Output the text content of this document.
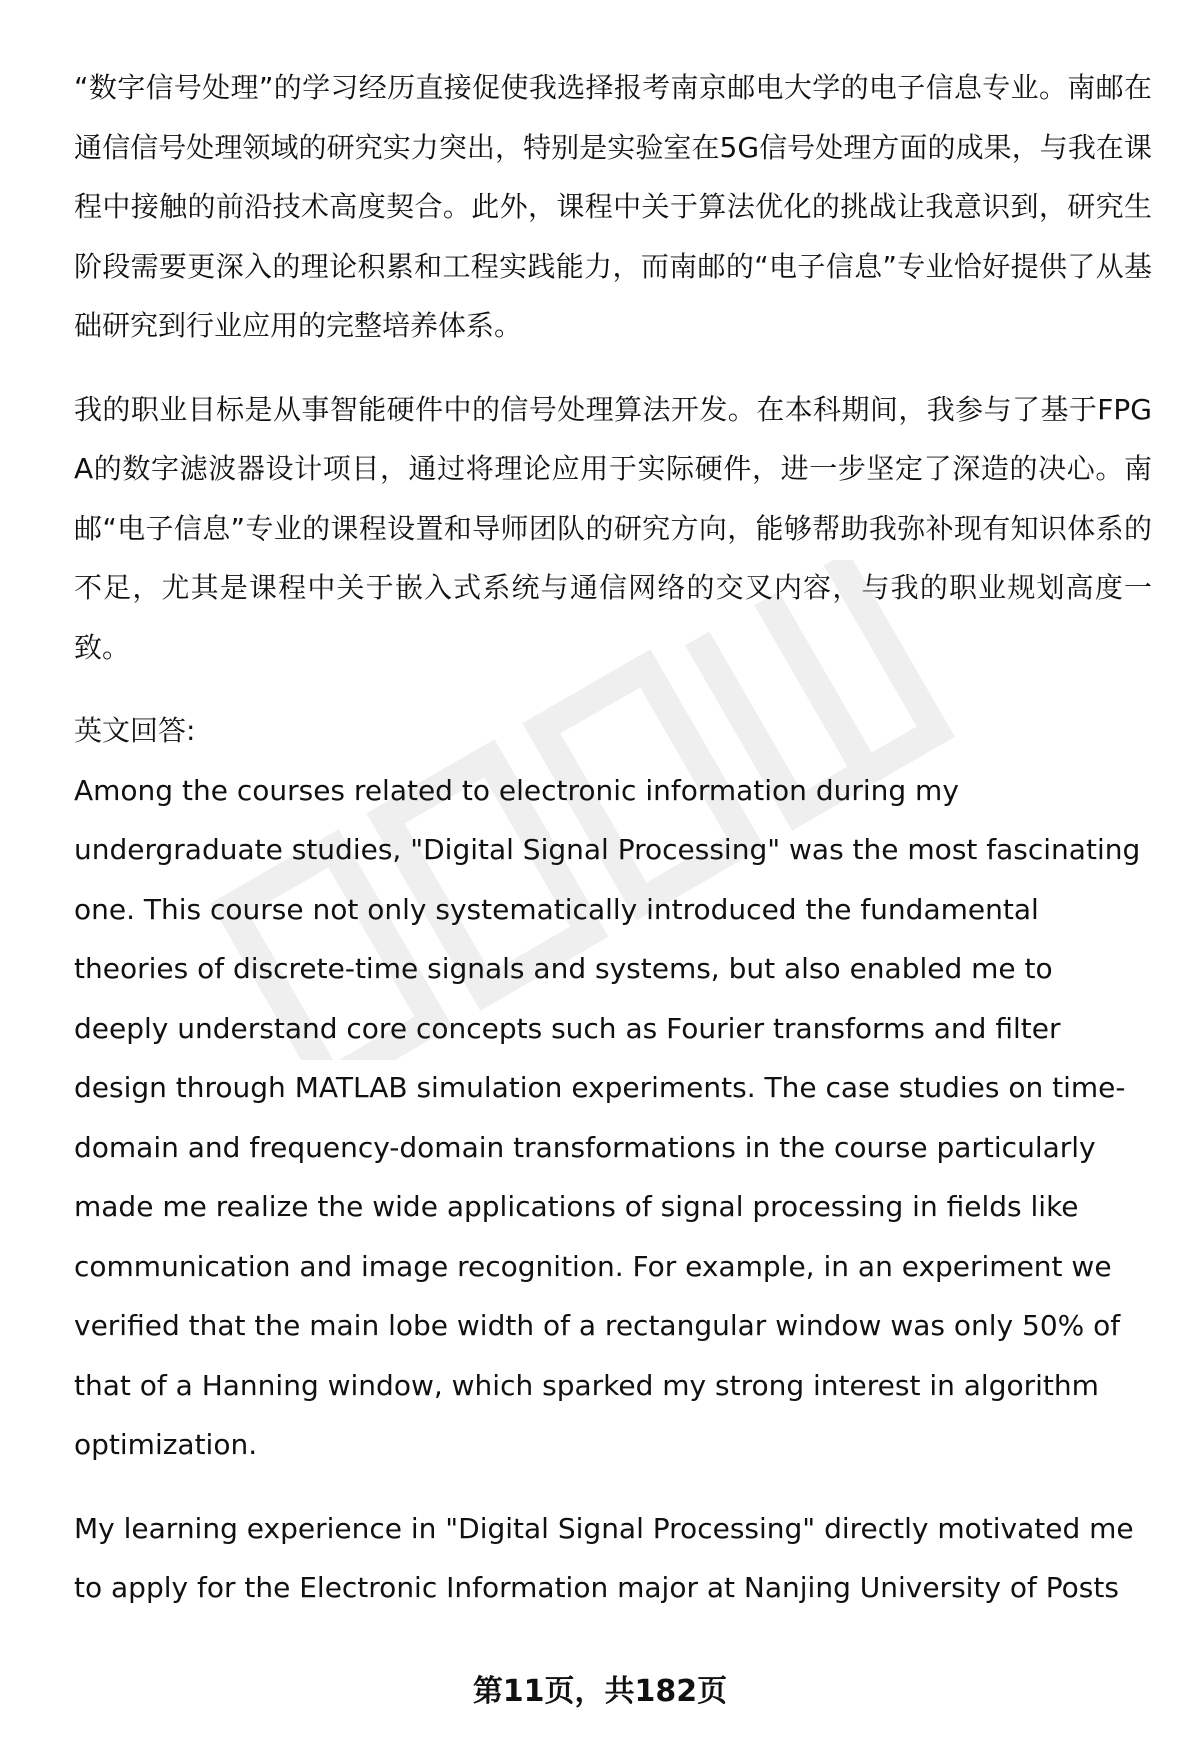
“数字信号处理”的学习经历直接促使我选择报考南京邮电大学的电子信息专业。南邮在通信信号处理领域的研究实力突出，特别是实验室在5G信号处理方面的成果，与我在课程中接触的前沿技术高度契合。此外，课程中关于算法优化的挑战让我意识到，研究生阶段需要更深入的理论积累和工程实践能力，而南邮的“电子信息”专业恰好提供了从基础研究到行业应用的完整培养体系。

我的职业目标是从事智能硬件中的信号处理算法开发。在本科期间，我参与了基于FPGA的数字滤波器设计项目，通过将理论应用于实际硬件，进一步坚定了深造的决心。南邮“电子信息”专业的课程设置和导师团队的研究方向，能够帮助我弥补现有知识体系的不足，尤其是课程中关于嵌入式系统与通信网络的交叉内容，与我的职业规划高度一致。

英文回答:

Among the courses related to electronic information during my undergraduate studies, "Digital Signal Processing" was the most fascinating one. This course not only systematically introduced the fundamental theories of discrete-time signals and systems, but also enabled me to deeply understand core concepts such as Fourier transforms and filter design through MATLAB simulation experiments. The case studies on time-domain and frequency-domain transformations in the course particularly made me realize the wide applications of signal processing in fields like communication and image recognition. For example, in an experiment we verified that the main lobe width of a rectangular window was only 50% of that of a Hanning window, which sparked my strong interest in algorithm optimization.

My learning experience in "Digital Signal Processing" directly motivated me to apply for the Electronic Information major at Nanjing University of Posts

第11页，共182页
